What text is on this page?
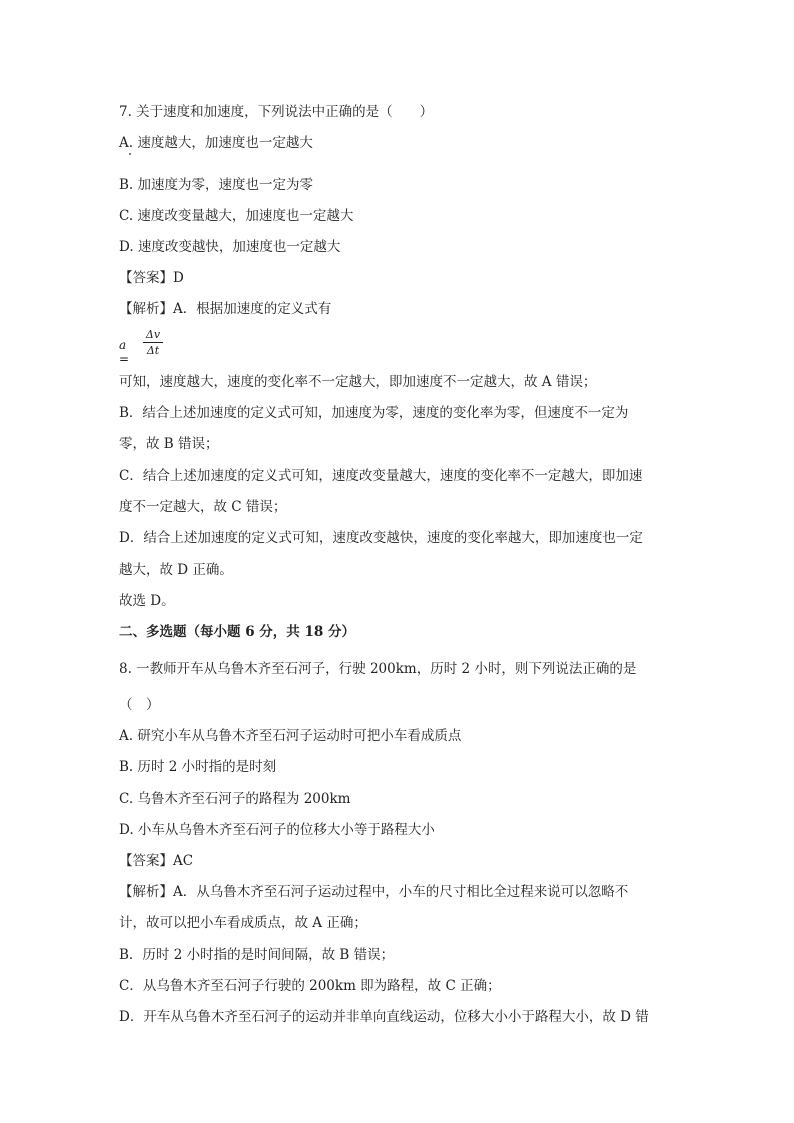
7. 关于速度和加速度，下列说法中正确的是（　　）
A. 速度越大，加速度也一定越大
B. 加速度为零，速度也一定为零
C. 速度改变量越大，加速度也一定越大
D. 速度改变越快，加速度也一定越大
【答案】D
【解析】A．根据加速度的定义式有
a =
Δv
Δt
可知，速度越大，速度的变化率不一定越大，即加速度不一定越大，故 A 错误；
B．结合上述加速度的定义式可知，加速度为零，速度的变化率为零，但速度不一定为
零，故 B 错误；
C．结合上述加速度的定义式可知，速度改变量越大，速度的变化率不一定越大，即加速
度不一定越大，故 C 错误；
D．结合上述加速度的定义式可知，速度改变越快，速度的变化率越大，即加速度也一定
越大，故 D 正确。
故选 D。
二、多选题（每小题 6 分，共 18 分）
8. 一教师开车从乌鲁木齐至石河子，行驶 200km，历时 2 小时，则下列说法正确的是
（　）
A. 研究小车从乌鲁木齐至石河子运动时可把小车看成质点
B. 历时 2 小时指的是时刻
C. 乌鲁木齐至石河子的路程为 200km
D. 小车从乌鲁木齐至石河子的位移大小等于路程大小
【答案】AC
【解析】A．从乌鲁木齐至石河子运动过程中，小车的尺寸相比全过程来说可以忽略不
计，故可以把小车看成质点，故 A 正确；
B．历时 2 小时指的是时间间隔，故 B 错误；
C．从乌鲁木齐至石河子行驶的 200km 即为路程，故 C 正确；
D．开车从乌鲁木齐至石河子的运动并非单向直线运动，位移大小小于路程大小，故 D 错
